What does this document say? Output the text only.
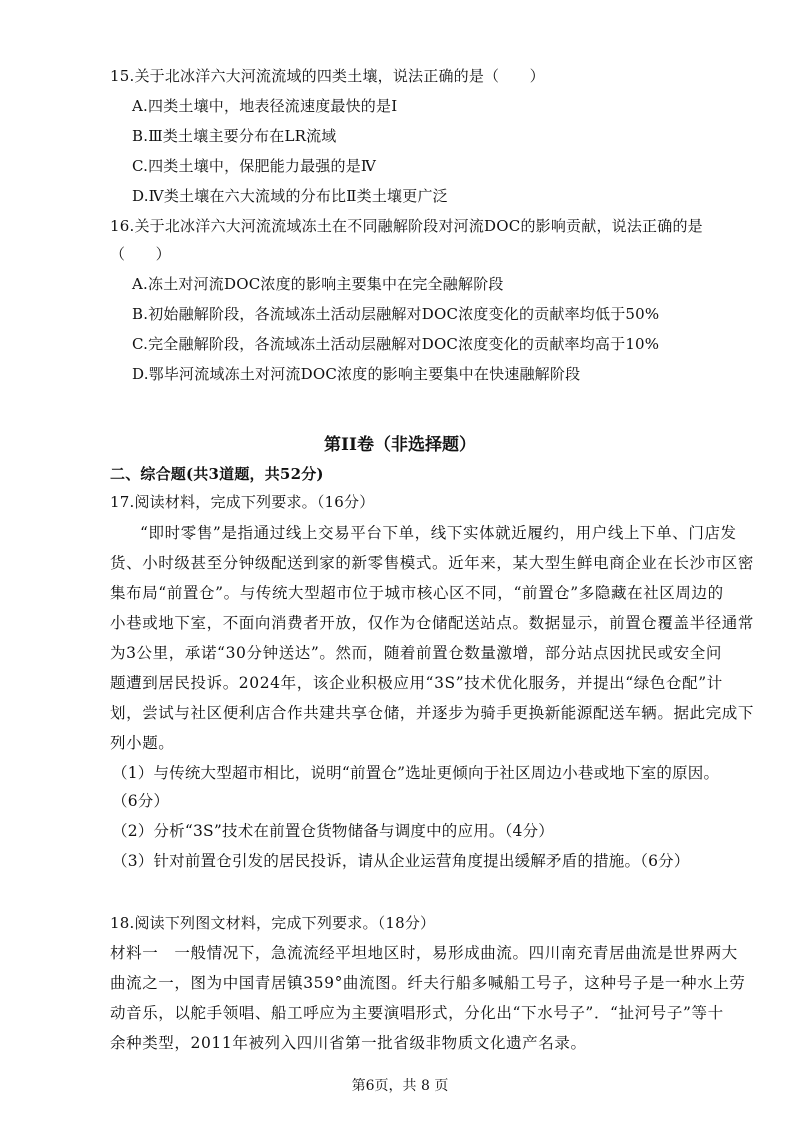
15.关于北冰洋六大河流流域的四类土壤，说法正确的是（　　）
A.四类土壤中，地表径流速度最快的是Ⅰ
B.Ⅲ类土壤主要分布在LR流域
C.四类土壤中，保肥能力最强的是Ⅳ
D.Ⅳ类土壤在六大流域的分布比Ⅱ类土壤更广泛
16.关于北冰洋六大河流流域冻土在不同融解阶段对河流DOC的影响贡献，说法正确的是
（　　）
A.冻土对河流DOC浓度的影响主要集中在完全融解阶段
B.初始融解阶段，各流域冻土活动层融解对DOC浓度变化的贡献率均低于50%
C.完全融解阶段，各流域冻土活动层融解对DOC浓度变化的贡献率均高于10%
D.鄂毕河流域冻土对河流DOC浓度的影响主要集中在快速融解阶段
第II卷（非选择题）
二、综合题(共3道题，共52分)
17.阅读材料，完成下列要求。（16分）
“即时零售”是指通过线上交易平台下单，线下实体就近履约，用户线上下单、门店发
货、小时级甚至分钟级配送到家的新零售模式。近年来，某大型生鲜电商企业在长沙市区密
集布局“前置仓”。与传统大型超市位于城市核心区不同，“前置仓”多隐藏在社区周边的
小巷或地下室，不面向消费者开放，仅作为仓储配送站点。数据显示，前置仓覆盖半径通常
为3公里，承诺“30分钟送达”。然而，随着前置仓数量激增，部分站点因扰民或安全问
题遭到居民投诉。2024年，该企业积极应用“3S”技术优化服务，并提出“绿色仓配”计
划，尝试与社区便利店合作共建共享仓储，并逐步为骑手更换新能源配送车辆。据此完成下
列小题。
（1）与传统大型超市相比，说明“前置仓”选址更倾向于社区周边小巷或地下室的原因。
（6分）
（2）分析“3S”技术在前置仓货物储备与调度中的应用。（4分）
（3）针对前置仓引发的居民投诉，请从企业运营角度提出缓解矛盾的措施。（6分）
18.阅读下列图文材料，完成下列要求。（18分）
材料一　一般情况下，急流流经平坦地区时，易形成曲流。四川南充青居曲流是世界两大
曲流之一，图为中国青居镇359°曲流图。纤夫行船多喊船工号子，这种号子是一种水上劳
动音乐，以舵手领唱、船工呼应为主要演唱形式，分化出“下水号子”．“扯河号子”等十
余种类型，2011年被列入四川省第一批省级非物质文化遗产名录。
第6页，共 8 页
